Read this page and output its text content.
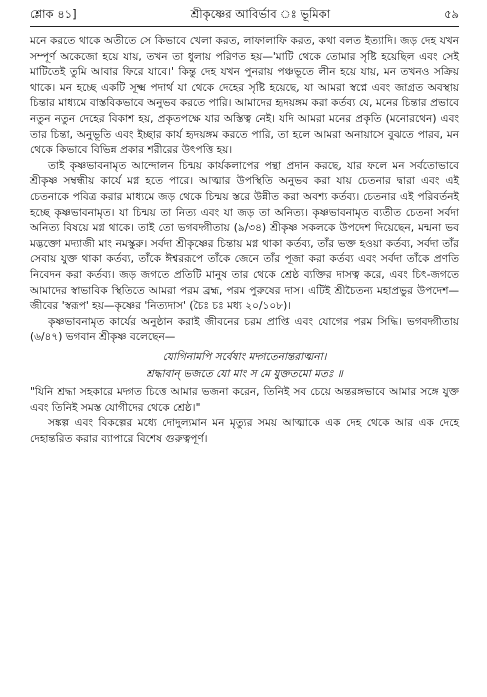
শ্লোক ৪১]	শ্রীকৃষ্ণের আবির্ভাব ঃ ভূমিকা	৫৯

মনে করতে থাকে অতীতে সে কিভাবে খেলা করত, লাফালাফি করত, কথা বলত ইত্যাদি। জড় দেহ যখন সম্পূর্ণ অকেজো হয়ে যায়, তখন তা ধুলায় পরিণত হয়—'মাটি থেকে তোমার সৃষ্টি হয়েছিল এবং সেই মাটিতেই তুমি আবার ফিরে যাবে।' কিন্তু দেহ যখন পুনরায় পঞ্চভূতে লীন হয়ে যায়, মন তখনও সক্রিয় থাকে। মন হচ্ছে একটি সূক্ষ্ম পদার্থ যা থেকে দেহের সৃষ্টি হয়েছে, যা আমরা স্বপ্নে এবং জাগ্রত অবস্থায় চিন্তার মাধ্যমে বাস্তবিকভাবে অনুভব করতে পারি। আমাদের হৃদয়ঙ্গম করা কর্তব্য যে, মনের চিন্তার প্রভাবে নতুন নতুন দেহের বিকাশ হয়, প্রকৃতপক্ষে যার অস্তিত্ব নেই। যদি আমরা মনের প্রকৃতি (মনোরথেন) এবং তার চিন্তা, অনুভূতি এবং ইচ্ছার কার্য হৃদয়ঙ্গম করতে পারি, তা হলে আমরা অনায়াসে বুঝতে পারব, মন থেকে কিভাবে বিভিন্ন প্রকার শরীরের উৎপত্তি হয়।

তাই কৃষ্ণভাবনামৃত আন্দোলন চিন্ময় কার্যকলাপের পন্থা প্রদান করছে, যার ফলে মন সর্বতোভাবে শ্রীকৃষ্ণ সম্বন্ধীয় কার্যে মগ্ন হতে পারে। আত্মার উপস্থিতি অনুভব করা যায় চেতনার দ্বারা এবং এই চেতনাকে পবিত্র করার মাধ্যমে জড় থেকে চিন্ময় স্তরে উন্নীত করা অবশ্য কর্তব্য। চেতনার এই পরিবর্তনই হচ্ছে কৃষ্ণভাবনামৃত। যা চিন্ময় তা নিত্য এবং যা জড় তা অনিত্য। কৃষ্ণভাবনামৃত ব্যতীত চেতনা সর্বদা অনিত্য বিষয়ে মগ্ন থাকে। তাই তো ভগবদ্গীতায় (৯/৩৪) শ্রীকৃষ্ণ সকলকে উপদেশ দিয়েছেন, মন্মনা ভব মদ্ভক্তো মদ্যাজী মাং নমস্কুরু। সর্বদা শ্রীকৃষ্ণের চিন্তায় মগ্ন থাকা কর্তব্য, তাঁর ভক্ত হওয়া কর্তব্য, সর্বদা তাঁর সেবায় যুক্ত থাকা কর্তব্য, তাঁকে ঈশ্বররূপে তাঁকে জেনে তাঁর পূজা করা কর্তব্য এবং সর্বদা তাঁকে প্রণতি নিবেদন করা কর্তব্য। জড় জগতে প্রতিটি মানুষ তার থেকে শ্রেষ্ঠ ব্যক্তির দাসত্ব করে, এবং চিৎ-জগতে আমাদের স্বাভাবিক স্থিতিতে আমরা পরম ব্রহ্ম, পরম পুরুষের দাস। এটিই শ্রীচৈতন্য মহাপ্রভুর উপদেশ—জীবের 'স্বরূপ' হয়—কৃষ্ণের 'নিত্যদাস' (চৈঃ চঃ মধ্য ২০/১০৮)।

কৃষ্ণভাবনামৃত কার্যের অনুষ্ঠান করাই জীবনের চরম প্রাপ্তি এবং যোগের পরম সিদ্ধি। ভগবদ্গীতায় (৬/৪৭) ভগবান শ্রীকৃষ্ণ বলেছেন—

যোগিনামপি সর্বেষাং মদ্গতেনান্তরাত্মনা।

শ্রদ্ধাবান্ ভজতে যো মাং স মে যুক্ততমো মতঃ ॥

"যিনি শ্রদ্ধা সহকারে মদ্গত চিত্তে আমার ভজনা করেন, তিনিই সব চেয়ে অন্তরঙ্গভাবে আমার সঙ্গে যুক্ত এবং তিনিই সমস্ত যোগীদের থেকে শ্রেষ্ঠ।"

সঙ্কল্প এবং বিকল্পের মধ্যে দোদুল্যমান মন মৃত্যুর সময় আত্মাকে এক দেহ থেকে আর এক দেহে দেহান্তরিত করার ব্যাপারে বিশেষ গুরুত্বপূর্ণ।
